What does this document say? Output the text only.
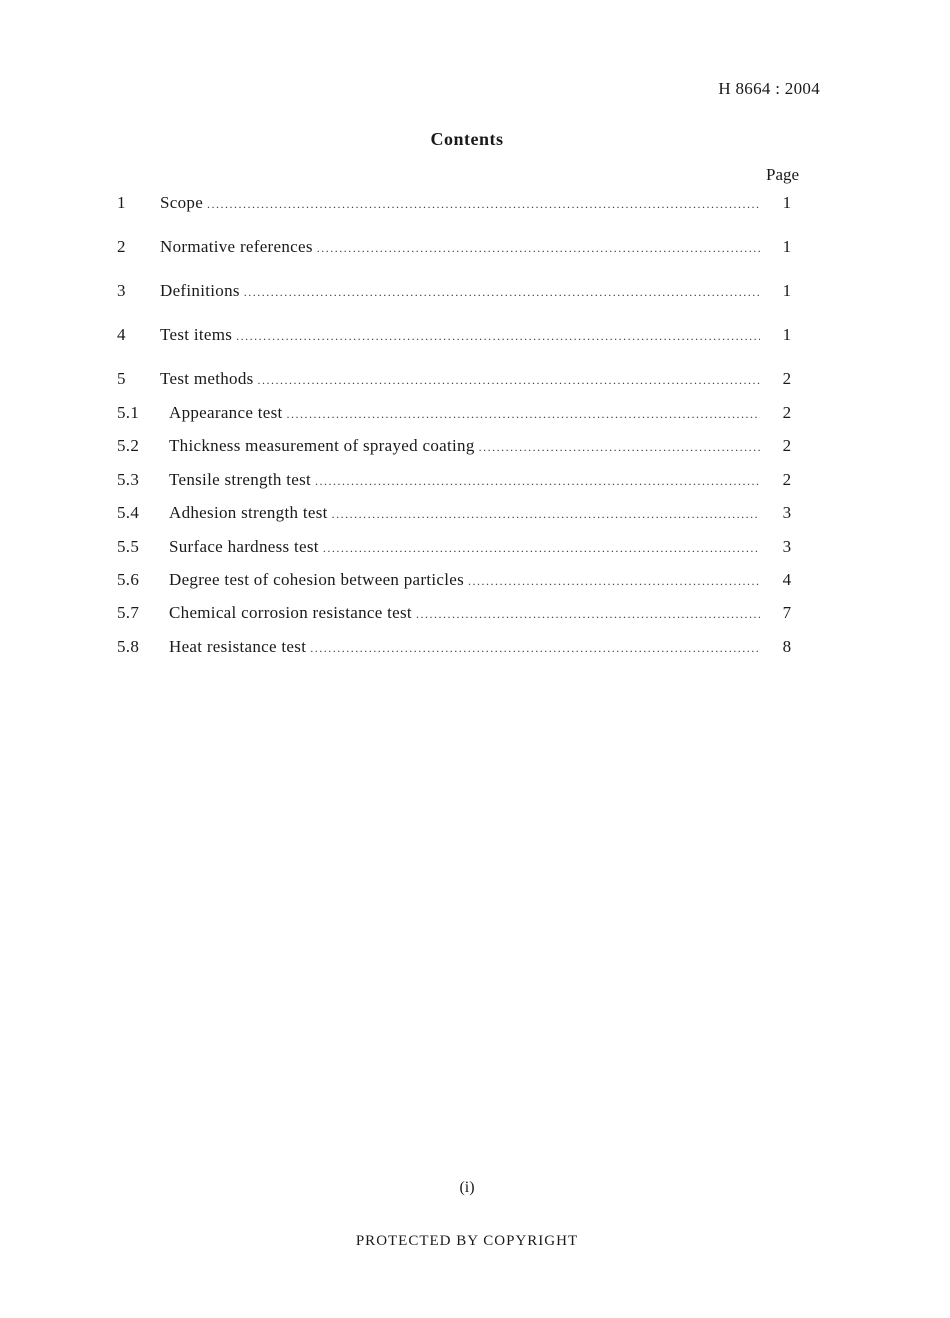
H 8664 : 2004
Contents
Page
1 Scope .....	1
2 Normative references .....	1
3 Definitions .....	1
4 Test items .....	1
5 Test methods .....	2
5.1 Appearance test .....	2
5.2 Thickness measurement of sprayed coating .....	2
5.3 Tensile strength test .....	2
5.4 Adhesion strength test .....	3
5.5 Surface hardness test .....	3
5.6 Degree test of cohesion between particles .....	4
5.7 Chemical corrosion resistance test .....	7
5.8 Heat resistance test .....	8
(i)
PROTECTED BY COPYRIGHT
